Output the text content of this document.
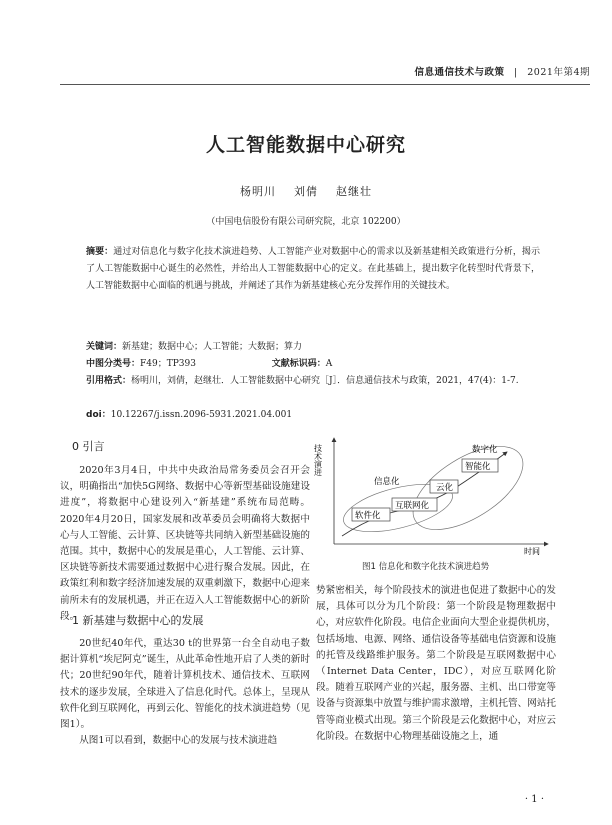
信息通信技术与政策 | 2021年第4期
人工智能数据中心研究
杨明川    刘倩    赵继壮
（中国电信股份有限公司研究院，北京 102200）
摘要：通过对信息化与数字化技术演进趋势、人工智能产业对数据中心的需求以及新基建相关政策进行分析，揭示了人工智能数据中心诞生的必然性，并给出人工智能数据中心的定义。在此基础上，提出数字化转型时代背景下，人工智能数据中心面临的机遇与挑战，并阐述了其作为新基建核心充分发挥作用的关键技术。
关键词：新基建；数据中心；人工智能；大数据；算力
中图分类号：F49；TP393	文献标识码：A
引用格式：杨明川，刘倩，赵继壮．人工智能数据中心研究［J］．信息通信技术与政策，2021，47(4)：1-7.
doi：10.12267/j.issn.2096-5931.2021.04.001
0 引言

2020年3月4日，中共中央政治局常务委员会召开会议，明确指出“加快5G网络、数据中心等新型基础设施建设进度”，将数据中心建设列入“新基建”系统布局范畴。2020年4月20日，国家发展和改革委员会明确将大数据中心与人工智能、云计算、区块链等共同纳入新型基础设施的范围。其中，数据中心的发展是重心，人工智能、云计算、区块链等新技术需要通过数据中心进行聚合发展。因此，在政策红利和数字经济加速发展的双重刺激下，数据中心迎来前所未有的发展机遇，并正在迈入人工智能数据中心的新阶段。

1 新基建与数据中心的发展

20世纪40年代，重达30 t的世界第一台全自动电子数据计算机“埃尼阿克”诞生，从此革命性地开启了人类的新时代；20世纪90年代，随着计算机技术、通信技术、互联网技术的逐步发展，全球进入了信息化时代。总体上，呈现从软件化到互联网化，再到云化、智能化的技术演进趋势（见图1）。

从图1可以看到，数据中心的发展与技术演进趋

技术演进
时间
数字化
信息化
软件化
互联网化
云化
智能化
图1 信息化和数字化技术演进趋势

势紧密相关，每个阶段技术的演进也促进了数据中心的发展，具体可以分为几个阶段：第一个阶段是物理数据中心，对应软件化阶段。电信企业面向大型企业提供机房，包括场地、电源、网络、通信设备等基础电信资源和设施的托管及线路维护服务。第二个阶段是互联网数据中心（Internet Data Center，IDC），对应互联网化阶段。随着互联网产业的兴起，服务器、主机、出口带宽等设备与资源集中放置与维护需求激增，主机托管、网站托管等商业模式出现。第三个阶段是云化数据中心，对应云化阶段。在数据中心物理基础设施之上，通

· 1 ·
